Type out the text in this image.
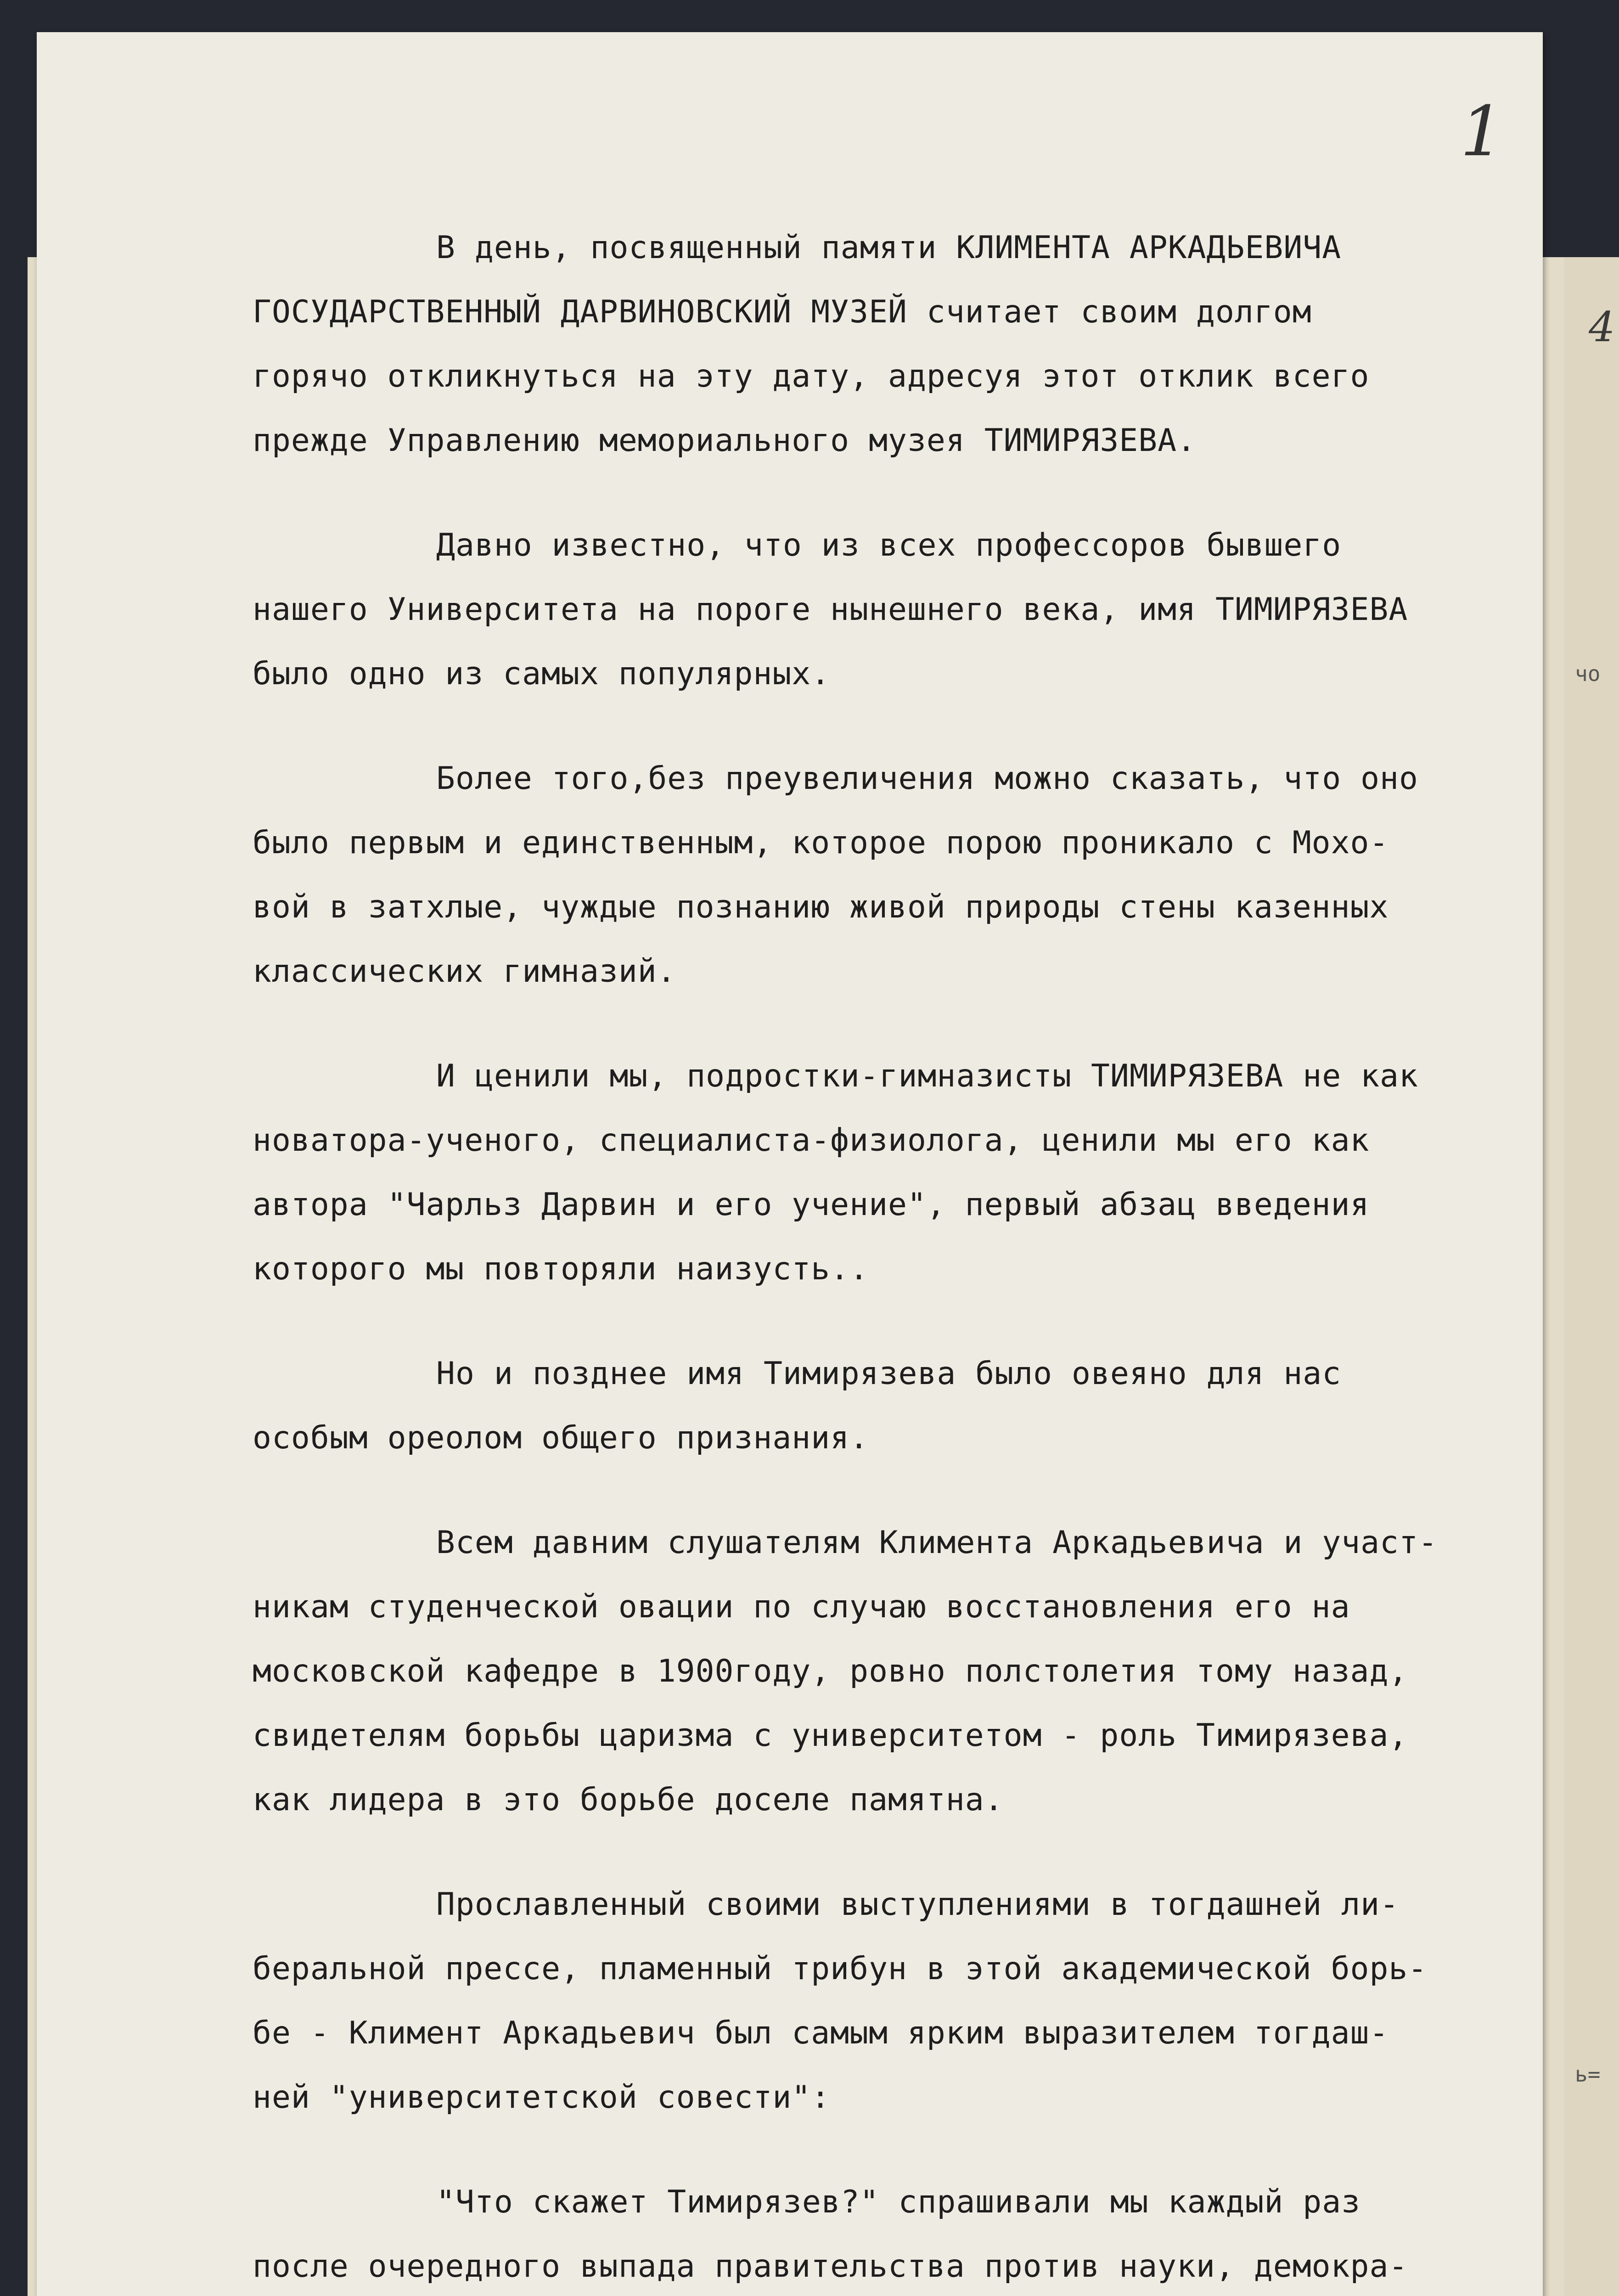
4
чо
ь=
1
В день, посвященный памяти КЛИМЕНТА АРКАДЬЕВИЧА
ГОСУДАРСТВЕННЫЙ ДАРВИНОВСКИЙ МУЗЕЙ считает своим долгом
горячо откликнуться на эту дату, адресуя этот отклик всего
прежде Управлению мемориального музея ТИМИРЯЗЕВА.
Давно известно, что из всех профессоров бывшего
нашего Университета на пороге нынешнего века, имя ТИМИРЯЗЕВА
было одно из самых популярных.
Более того,без преувеличения можно сказать, что оно
было первым и единственным, которое порою проникало с Мохо-
вой в затхлые, чуждые познанию живой природы стены казенных
классических гимназий.
И ценили мы, подростки-гимназисты ТИМИРЯЗЕВА не как
новатора-ученого, специалиста-физиолога, ценили мы его как
автора "Чарльз Дарвин и его учение", первый абзац введения
которого мы повторяли наизусть..
Но и позднее имя Тимирязева было овеяно для нас
особым ореолом общего признания.
Всем давним слушателям Климента Аркадьевича и участ-
никам студенческой овации по случаю восстановления его на
московской кафедре в 1900году, ровно полстолетия тому назад,
свидетелям борьбы царизма с университетом - роль Тимирязева,
как лидера в это борьбе доселе памятна.
Прославленный своими выступлениями в тогдашней ли-
беральной прессе, пламенный трибун в этой академической борь-
бе - Климент Аркадьевич был самым ярким выразителем тогдаш-
ней "университетской совести":
"Что скажет Тимирязев?" спрашивали мы каждый раз
после очередного выпада правительства против науки, демокра-
